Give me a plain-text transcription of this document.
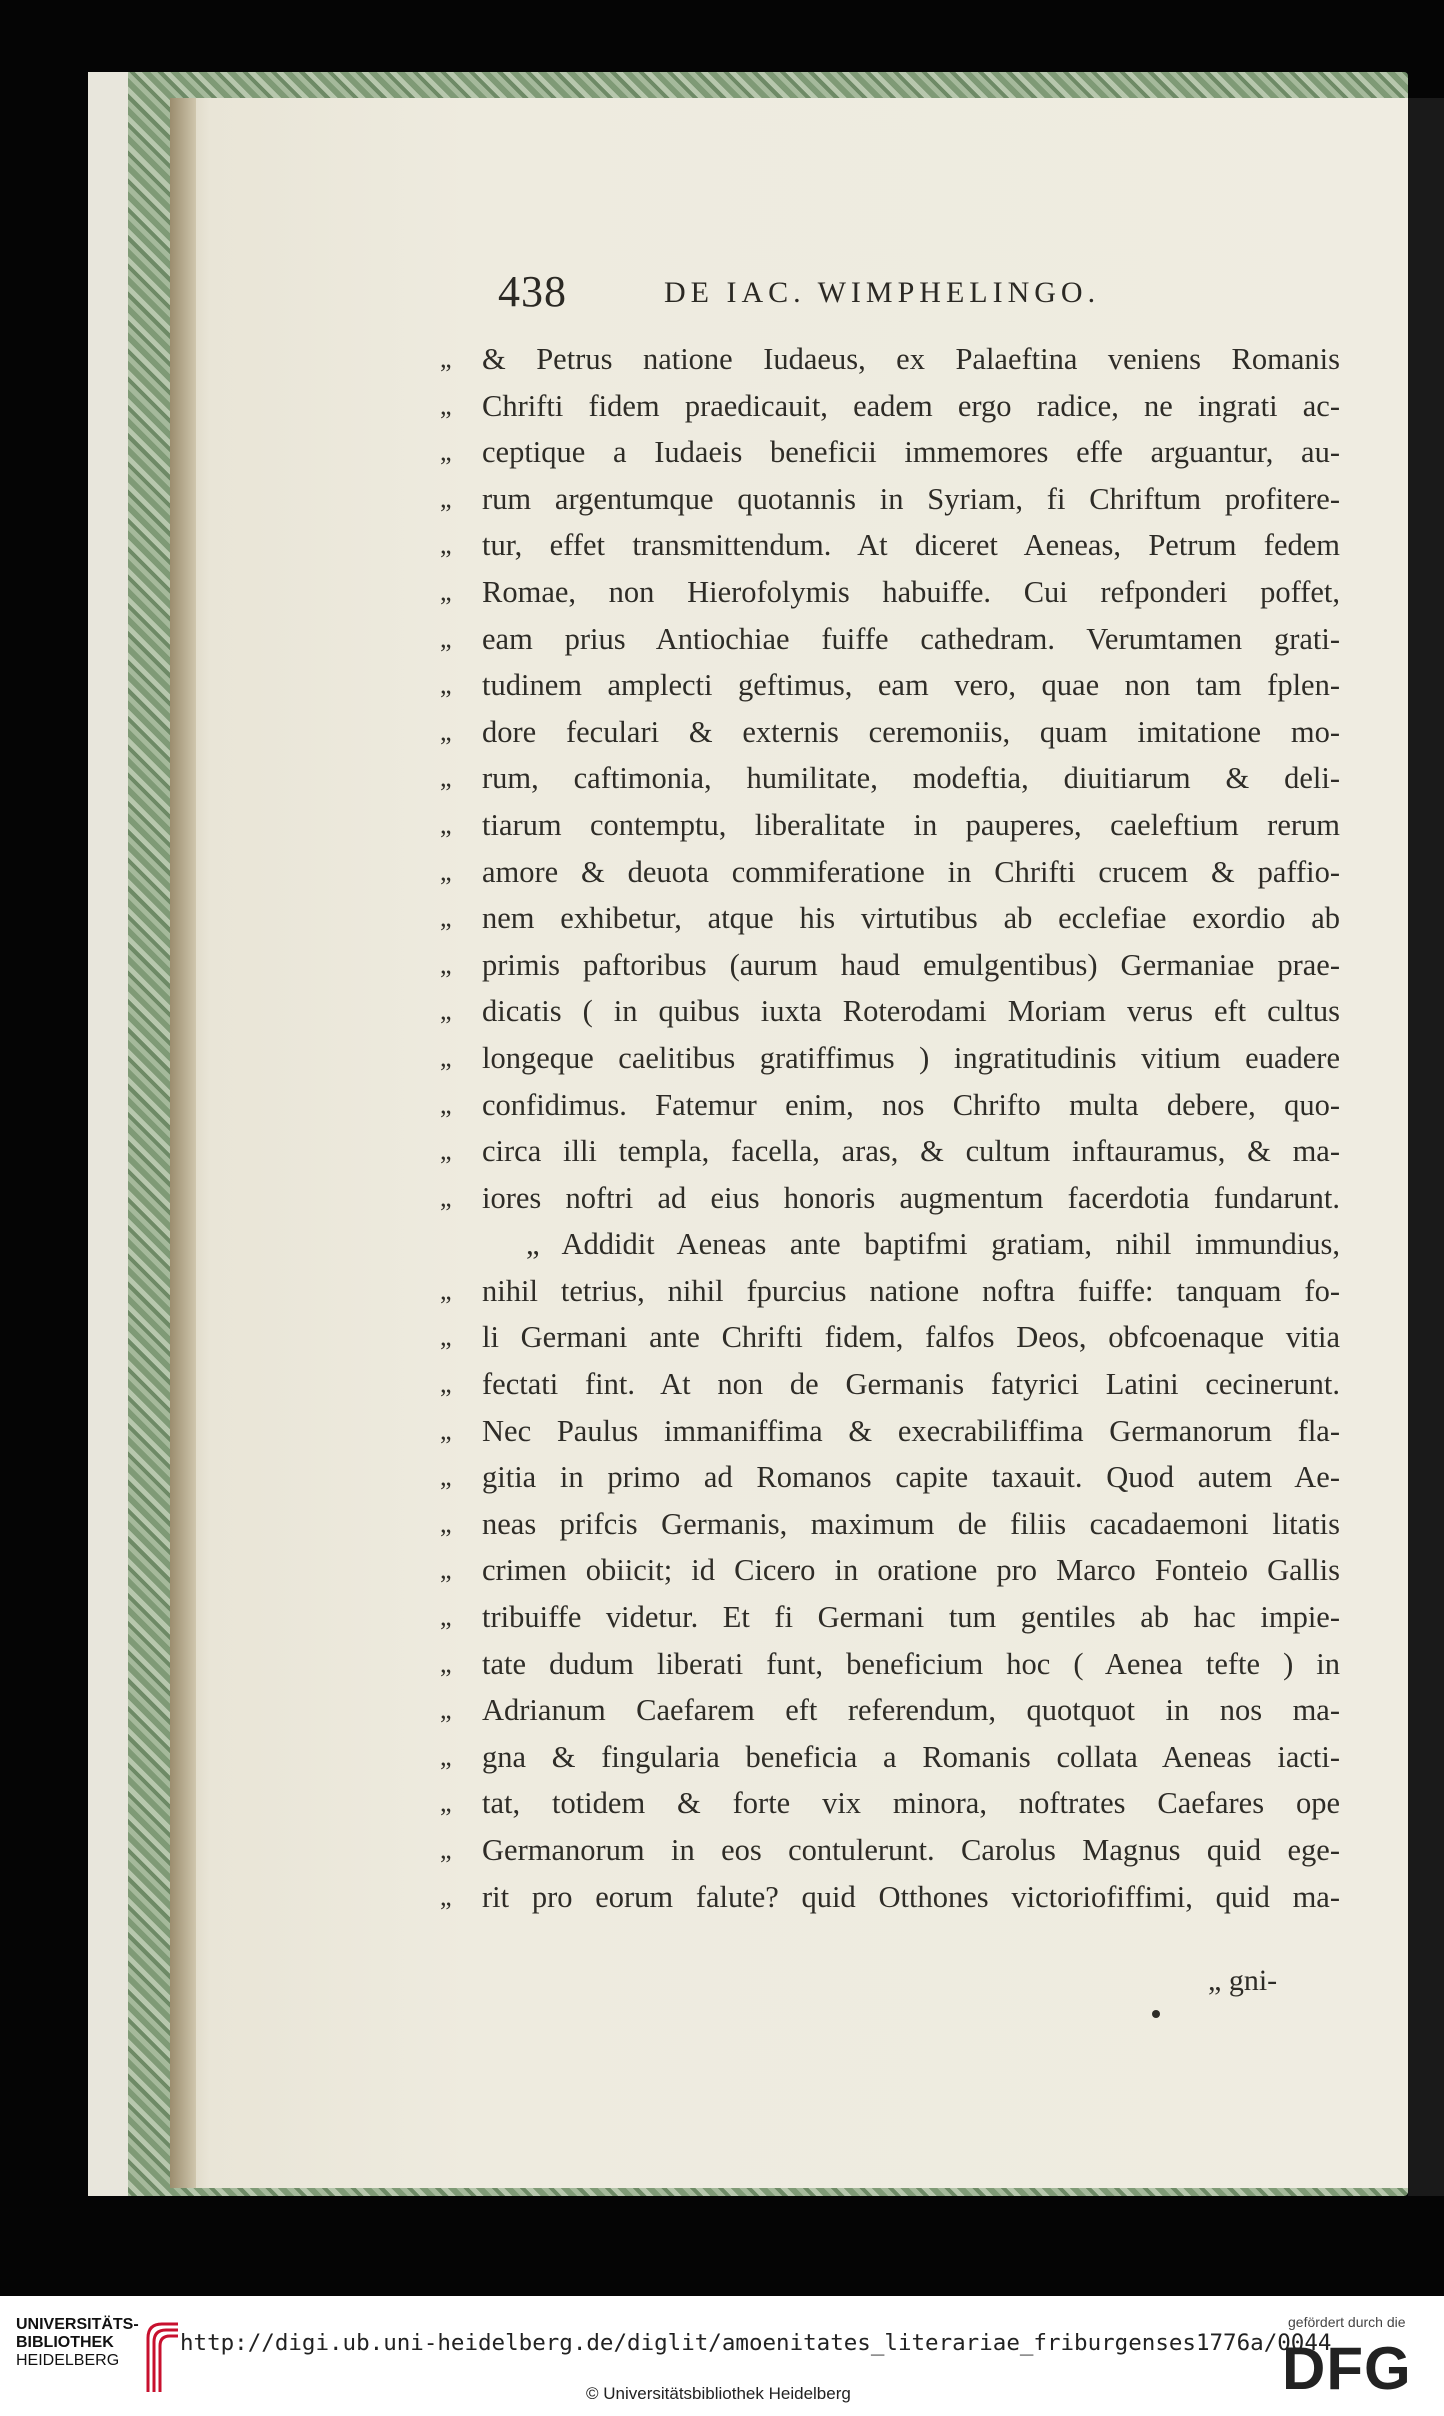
438	DE IAC. WIMPHELINGO.
„ & Petrus natione Iudaeus, ex Palaeftina veniens Romanis
„ Chrifti fidem praedicauit, eadem ergo radice, ne ingrati ac-
„ ceptique a Iudaeis beneficii immemores effe arguantur, au-
„ rum argentumque quotannis in Syriam, fi Chriftum profitere-
„ tur, effet transmittendum. At diceret Aeneas, Petrum fedem
„ Romae, non Hierofolymis habuiffe. Cui refponderi poffet,
„ eam prius Antiochiae fuiffe cathedram. Verumtamen grati-
„ tudinem amplecti geftimus, eam vero, quae non tam fplen-
„ dore feculari & externis ceremoniis, quam imitatione mo-
„ rum, caftimonia, humilitate, modeftia, diuitiarum & deli-
„ tiarum contemptu, liberalitate in pauperes, caeleftium rerum
„ amore & deuota commiferatione in Chrifti crucem & paffio-
„ nem exhibetur, atque his virtutibus ab ecclefiae exordio ab
„ primis paftoribus (aurum haud emulgentibus) Germaniae prae-
„ dicatis ( in quibus iuxta Roterodami Moriam verus eft cultus
„ longeque caelitibus gratiffimus ) ingratitudinis vitium euadere
„ confidimus. Fatemur enim, nos Chrifto multa debere, quo-
„ circa illi templa, facella, aras, & cultum inftauramus, & ma-
„ iores noftri ad eius honoris augmentum facerdotia fundarunt.
„ Addidit Aeneas ante baptifmi gratiam, nihil immundius,
„ nihil tetrius, nihil fpurcius natione noftra fuiffe: tanquam fo-
„ li Germani ante Chrifti fidem, falfos Deos, obfcoenaque vitia
„ fectati fint. At non de Germanis fatyrici Latini cecinerunt.
„ Nec Paulus immaniffima & execrabiliffima Germanorum fla-
„ gitia in primo ad Romanos capite taxauit. Quod autem Ae-
„ neas prifcis Germanis, maximum de filiis cacadaemoni litatis
„ crimen obiicit; id Cicero in oratione pro Marco Fonteio Gallis
„ tribuiffe videtur. Et fi Germani tum gentiles ab hac impie-
„ tate dudum liberati funt, beneficium hoc ( Aenea tefte ) in
„ Adrianum Caefarem eft referendum, quotquot in nos ma-
„ gna & fingularia beneficia a Romanis collata Aeneas iacti-
„ tat, totidem & forte vix minora, noftrates Caefares ope
„ Germanorum in eos contulerunt. Carolus Magnus quid ege-
„ rit pro eorum falute? quid Otthones victoriofiffimi, quid ma-
„ gni-
UNIVERSITÄTS-
BIBLIOTHEK
HEIDELBERG
http://digi.ub.uni-heidelberg.de/diglit/amoenitates_literariae_friburgenses1776a/0044
© Universitätsbibliothek Heidelberg
gefördert durch die
DFG
